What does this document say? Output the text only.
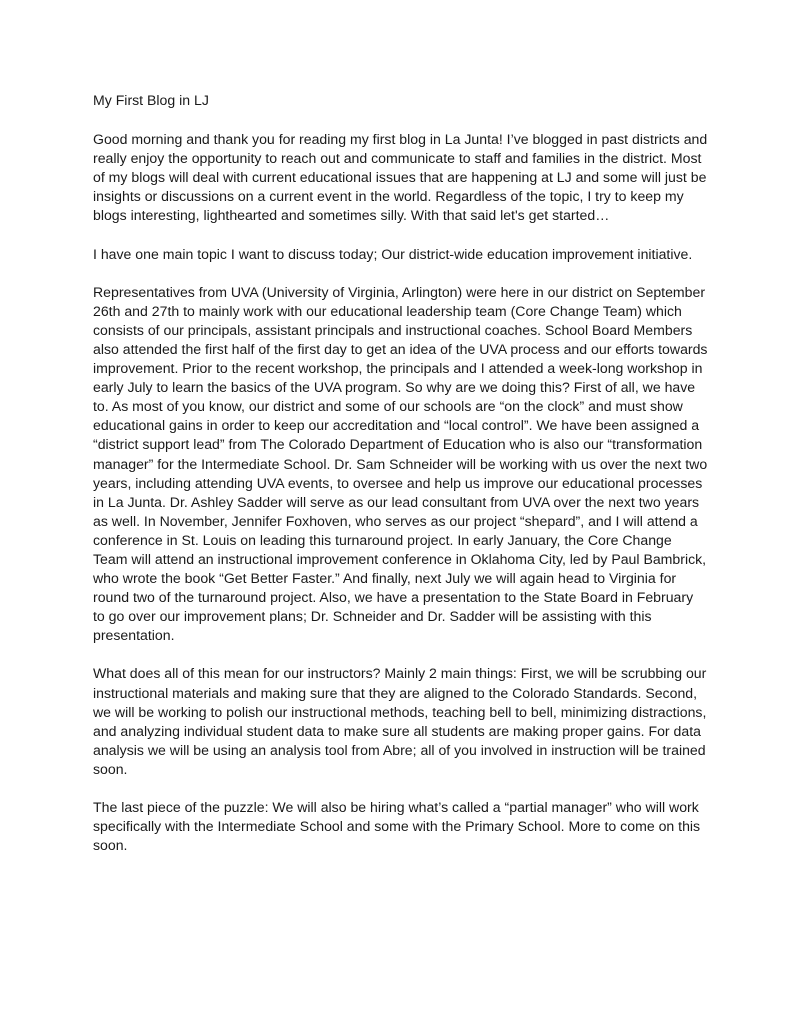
My First Blog in LJ

Good morning and thank you for reading my first blog in La Junta! I’ve blogged in past districts and really enjoy the opportunity to reach out and communicate to staff and families in the district. Most of my blogs will deal with current educational issues that are happening at LJ and some will just be insights or discussions on a current event in the world. Regardless of the topic, I try to keep my blogs interesting, lighthearted and sometimes silly. With that said let's get started…

I have one main topic I want to discuss today; Our district-wide education improvement initiative.

Representatives from UVA (University of Virginia, Arlington) were here in our district on September 26th and 27th to mainly work with our educational leadership team (Core Change Team) which consists of our principals, assistant principals and instructional coaches. School Board Members also attended the first half of the first day to get an idea of the UVA process and our efforts towards improvement. Prior to the recent workshop, the principals and I attended a week-long workshop in early July to learn the basics of the UVA program. So why are we doing this? First of all, we have to. As most of you know, our district and some of our schools are “on the clock” and must show educational gains in order to keep our accreditation and “local control”. We have been assigned a “district support lead” from The Colorado Department of Education who is also our “transformation manager” for the Intermediate School. Dr. Sam Schneider will be working with us over the next two years, including attending UVA events, to oversee and help us improve our educational processes in La Junta. Dr. Ashley Sadder will serve as our lead consultant from UVA over the next two years as well. In November, Jennifer Foxhoven, who serves as our project “shepard”, and I will attend a conference in St. Louis on leading this turnaround project. In early January, the Core Change Team will attend an instructional improvement conference in Oklahoma City, led by Paul Bambrick, who wrote the book “Get Better Faster.” And finally, next July we will again head to Virginia for round two of the turnaround project. Also, we have a presentation to the State Board in February to go over our improvement plans; Dr. Schneider and Dr. Sadder will be assisting with this presentation.

What does all of this mean for our instructors? Mainly 2 main things: First, we will be scrubbing our instructional materials and making sure that they are aligned to the Colorado Standards. Second, we will be working to polish our instructional methods, teaching bell to bell, minimizing distractions, and analyzing individual student data to make sure all students are making proper gains. For data analysis we will be using an analysis tool from Abre; all of you involved in instruction will be trained soon.

The last piece of the puzzle: We will also be hiring what’s called a “partial manager” who will work specifically with the Intermediate School and some with the Primary School. More to come on this soon.
